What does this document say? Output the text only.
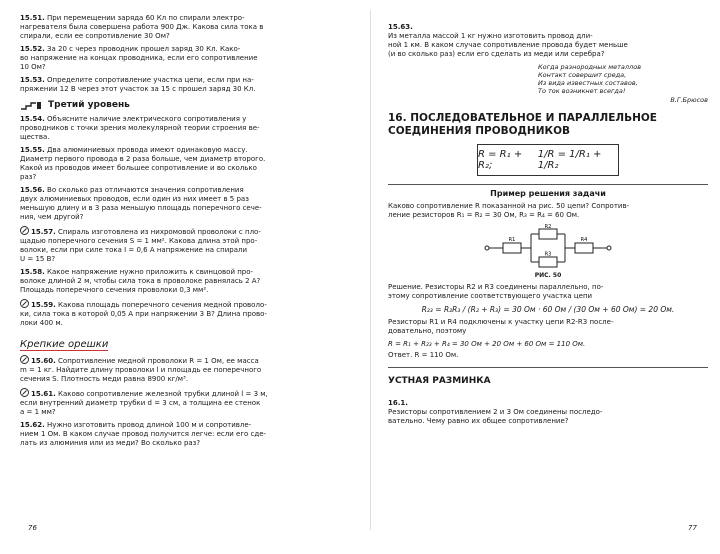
15.51. При перемещении заряда 60 Кл по спирали электро-
нагревателя была совершена работа 900 Дж. Какова сила тока в
спирали, если ее сопротивление 30 Ом?
15.52. За 20 с через проводник прошел заряд 30 Кл. Како-
во напряжение на концах проводника, если его сопротивление
10 Ом?
15.53. Определите сопротивление участка цепи, если при на-
пряжении 12 В через этот участок за 15 с прошел заряд 30 Кл.
Третий уровень
15.54. Объясните наличие электрического сопротивления у
проводников с точки зрения молекулярной теории строения ве-
щества.
15.55. Два алюминиевых провода имеют одинаковую массу.
Диаметр первого провода в 2 раза больше, чем диаметр второго.
Какой из проводов имеет большее сопротивление и во сколько
раз?
15.56. Во сколько раз отличаются значения сопротивления
двух алюминиевых проводов, если один из них имеет в 5 раз
меньшую длину и в 3 раза меньшую площадь поперечного сече-
ния, чем другой?
15.57. Спираль изготовлена из нихромовой проволоки с пло-
щадью поперечного сечения S = 1 мм². Какова длина этой про-
волоки, если при силе тока I = 0,6 А напряжение на спирали
U = 15 В?
15.58. Какое напряжение нужно приложить к свинцовой про-
волоке длиной 2 м, чтобы сила тока в проволоке равнялась 2 А?
Площадь поперечного сечения проволоки 0,3 мм².
15.59. Какова площадь поперечного сечения медной проволо-
ки, сила тока в которой 0,05 А при напряжении 3 В? Длина прово-
локи 400 м.
Крепкие орешки
15.60. Сопротивление медной проволоки R = 1 Ом, ее масса
m = 1 кг. Найдите длину проволоки l и площадь ее поперечного
сечения S. Плотность меди равна 8900 кг/м³.
15.61. Каково сопротивление железной трубки длиной l = 3 м,
если внутренний диаметр трубки d = 3 см, а толщина ее стенок
a = 1 мм?
15.62. Нужно изготовить провод длиной 100 м и сопротивле-
нием 1 Ом. В каком случае провод получится легче: если его сде-
лать из алюминия или из меди? Во сколько раз?
76

15.63.
Из металла массой 1 кг нужно изготовить провод дли-
ной 1 км. В каком случае сопротивление провода будет меньше
(и во сколько раз) если его сделать из меди или серебра?

Когда разнородных металлов
Контакт совершит среда,
Из вида известных составов,
То ток возникнет всегда!
В.Г.Брюсов
16. ПОСЛЕДОВАТЕЛЬНОЕ И ПАРАЛЛЕЛЬНОЕ
СОЕДИНЕНИЯ ПРОВОДНИКОВ
R = R₁ + R₂;

1/R = 1/R₁ + 1/R₂
Пример решения задачи
Каково сопротивление R показанной на рис. 50 цепи? Сопротив-
ление резисторов R₁ = R₂ = 30 Ом, R₃ = R₄ = 60 Ом.
R1
R2
R3
R4
РИС. 50
Решение. Резисторы R2 и R3 соединены параллельно, по-
этому сопротивление соответствующего участка цепи
R₂₃ = R₂R₃ / (R₂ + R₃) = 30 Ом · 60 Ом / (30 Ом + 60 Ом) = 20 Ом.
Резисторы R1 и R4 подключены к участку цепи R2-R3 после-
довательно, поэтому
R = R₁ + R₂₃ + R₄ = 30 Ом + 20 Ом + 60 Ом = 110 Ом.
Ответ. R = 110 Ом.
УСТНАЯ РАЗМИНКА

16.1.
Резисторы сопротивлением 2 и 3 Ом соединены последо-
вательно. Чему равно их общее сопротивление?

77
